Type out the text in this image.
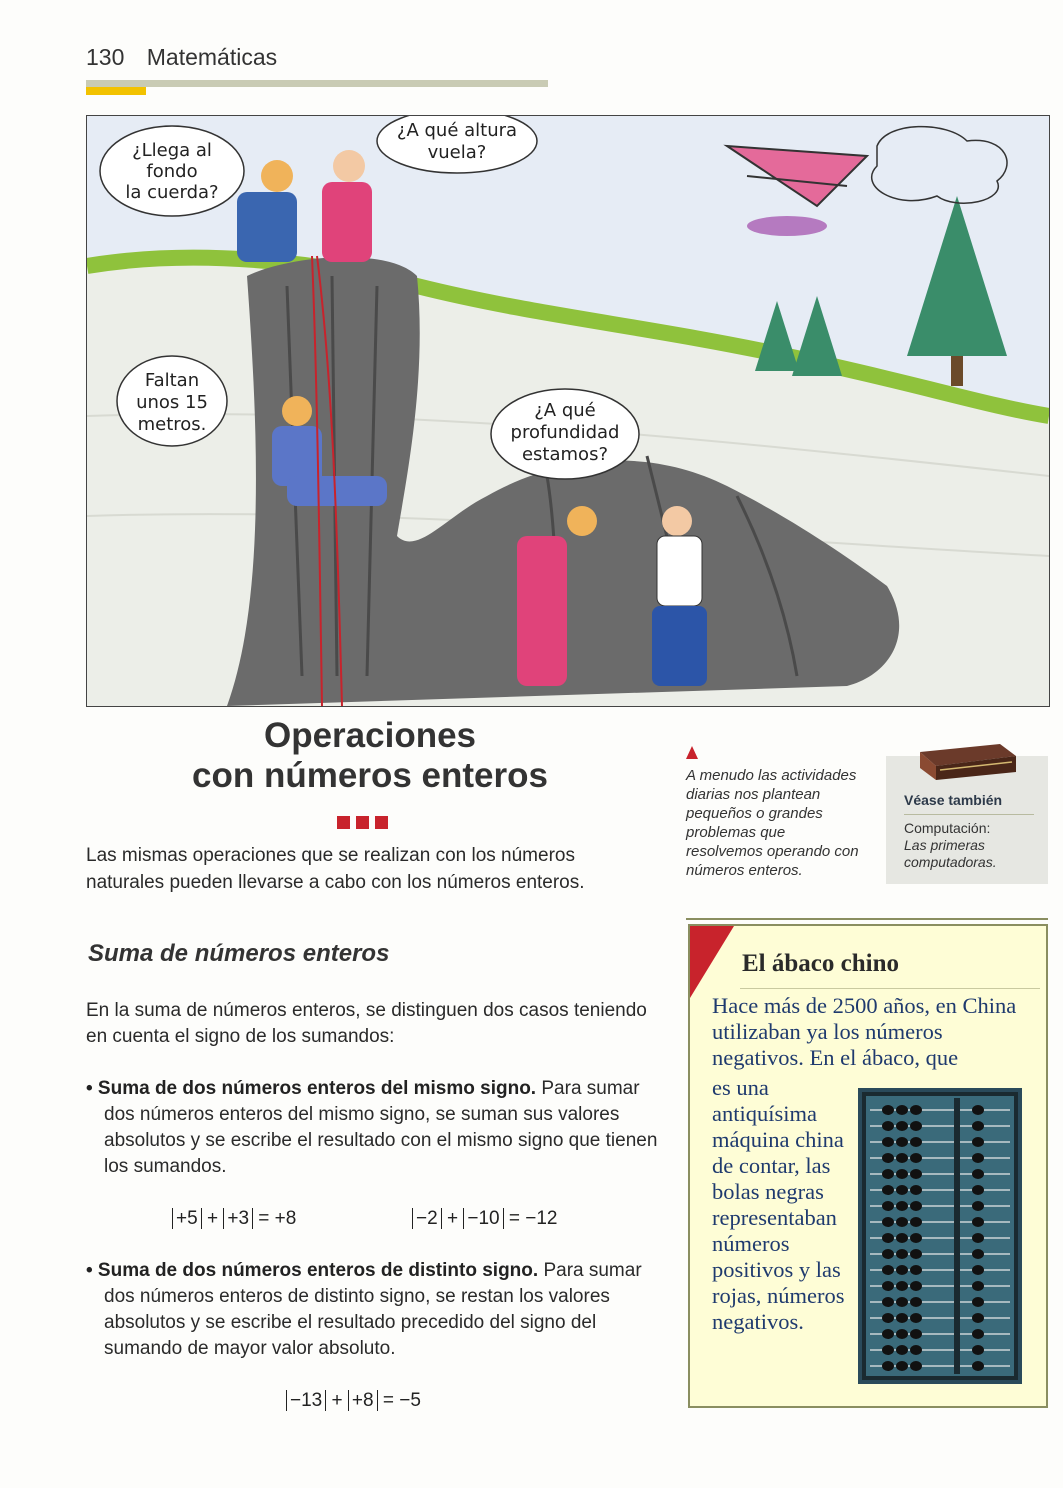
130 Matemáticas
¿Llega al
fondo
la cuerda?
¿A qué altura
vuela?
Faltan
unos 15
metros.
¿A qué
profundidad
estamos?
Operaciones
con números enteros
Las mismas operaciones que se realizan con los números naturales pueden llevarse a cabo con los números enteros.
A menudo las actividades diarias nos plantean pequeños o grandes problemas que resolvemos operando con números enteros.
Véase también
Computación:
Las primeras computadoras.
Suma de números enteros
En la suma de números enteros, se distinguen dos casos teniendo en cuenta el signo de los sumandos:
• Suma de dos números enteros del mismo signo. Para sumar dos números enteros del mismo signo, se suman sus valores absolutos y se escribe el resultado con el mismo signo que tienen los sumandos.
+5 + +3 = +8	−2 + −10 = −12
• Suma de dos números enteros de distinto signo. Para sumar dos números enteros de distinto signo, se restan los valores absolutos y se escribe el resultado precedido del signo del sumando de mayor valor absoluto.
−13 + +8 = −5
El ábaco chino
Hace más de 2500 años, en China utilizaban ya los números negativos. En el ábaco, que
es una antiquísima máquina china de contar, las bolas negras representaban números positivos y las rojas, números negativos.
